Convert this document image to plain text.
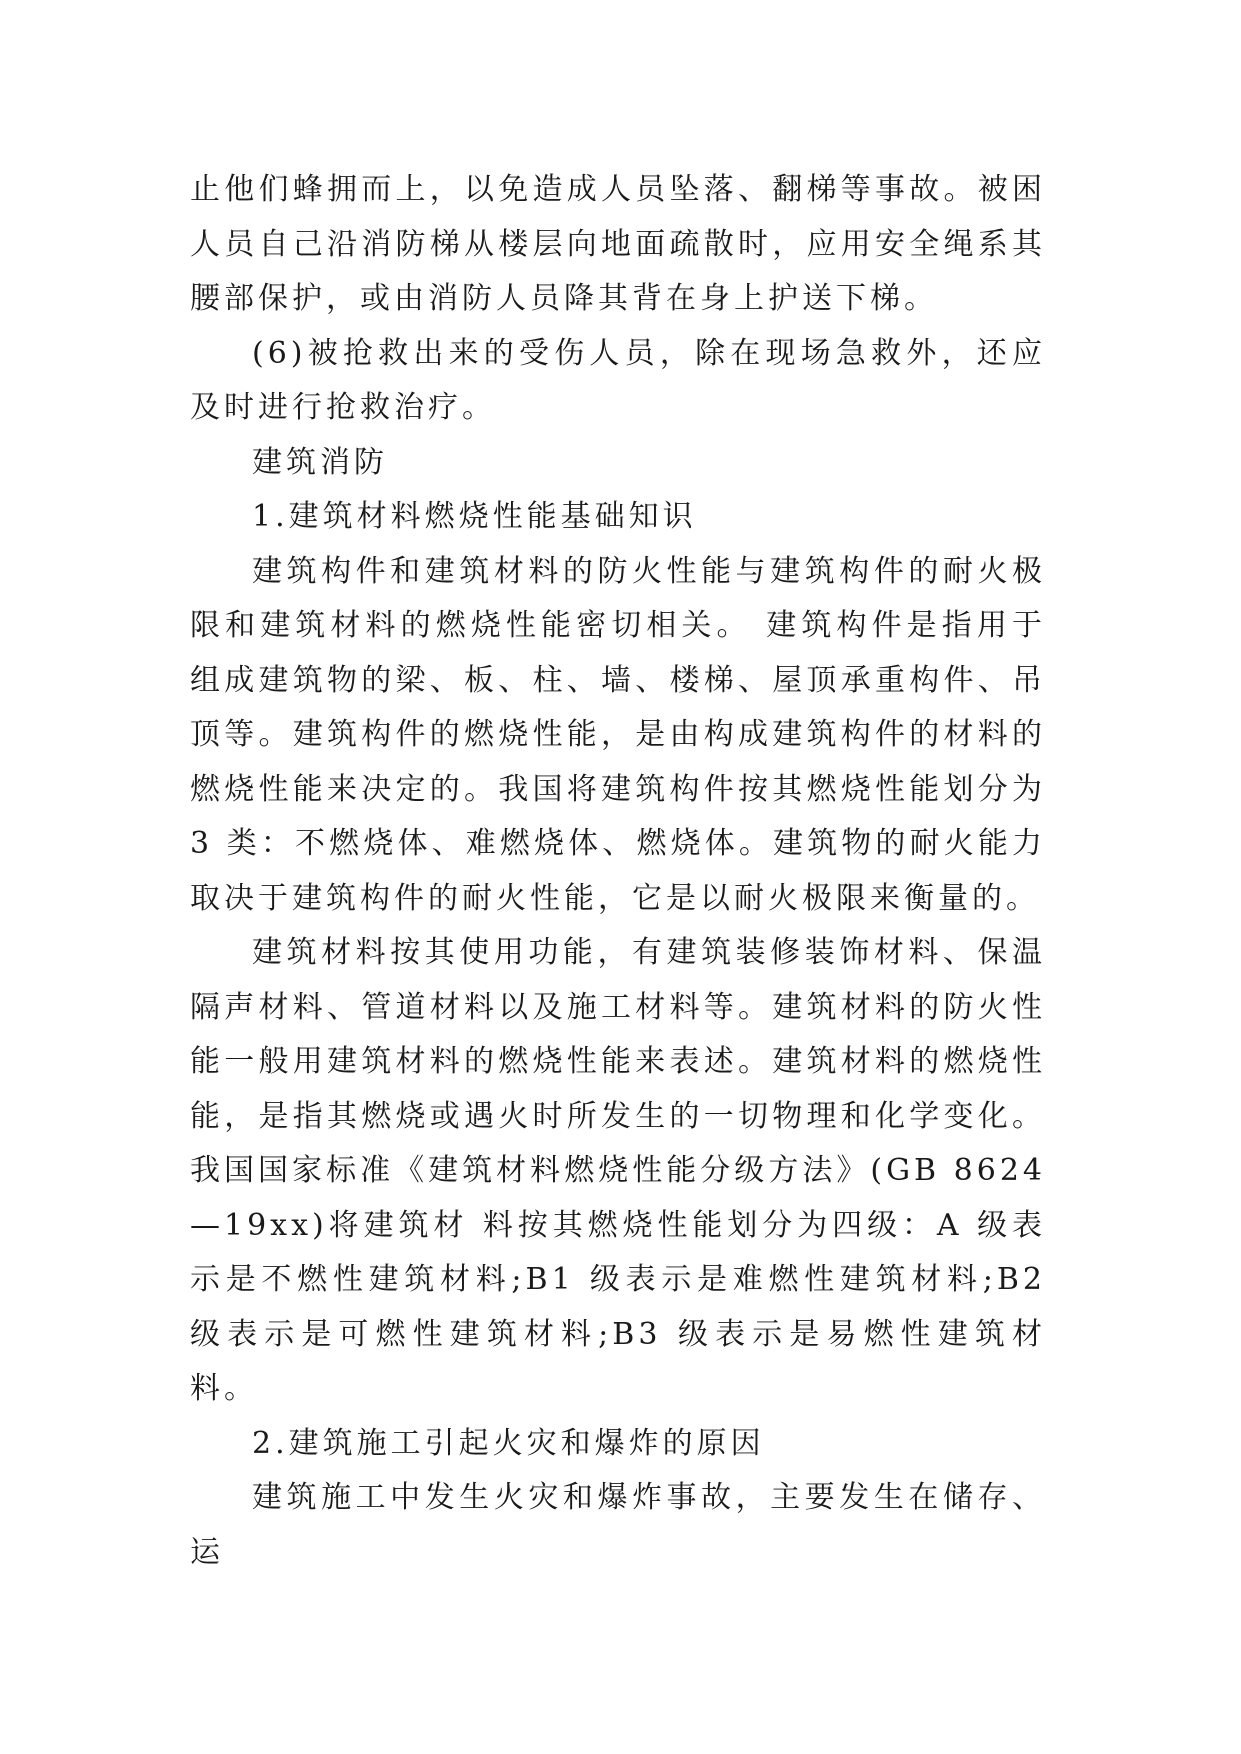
止他们蜂拥而上，以免造成人员坠落、翻梯等事故。被困人员自己沿消防梯从楼层向地面疏散时，应用安全绳系其腰部保护，或由消防人员降其背在身上护送下梯。

(6)被抢救出来的受伤人员，除在现场急救外，还应及时进行抢救治疗。

建筑消防

1.建筑材料燃烧性能基础知识

建筑构件和建筑材料的防火性能与建筑构件的耐火极限和建筑材料的燃烧性能密切相关。 建筑构件是指用于组成建筑物的梁、板、柱、墙、楼梯、屋顶承重构件、吊顶等。建筑构件的燃烧性能，是由构成建筑构件的材料的燃烧性能来决定的。我国将建筑构件按其燃烧性能划分为 3 类：不燃烧体、难燃烧体、燃烧体。建筑物的耐火能力取决于建筑构件的耐火性能，它是以耐火极限来衡量的。

建筑材料按其使用功能，有建筑装修装饰材料、保温隔声材料、管道材料以及施工材料等。建筑材料的防火性能一般用建筑材料的燃烧性能来表述。建筑材料的燃烧性能，是指其燃烧或遇火时所发生的一切物理和化学变化。我国国家标准《建筑材料燃烧性能分级方法》(GB 8624—19xx)将建筑材 料按其燃烧性能划分为四级：A 级表示是不燃性建筑材料;B1 级表示是难燃性建筑材料;B2 级表示是可燃性建筑材料;B3 级表示是易燃性建筑材料。

2.建筑施工引起火灾和爆炸的原因

建筑施工中发生火灾和爆炸事故，主要发生在储存、运
